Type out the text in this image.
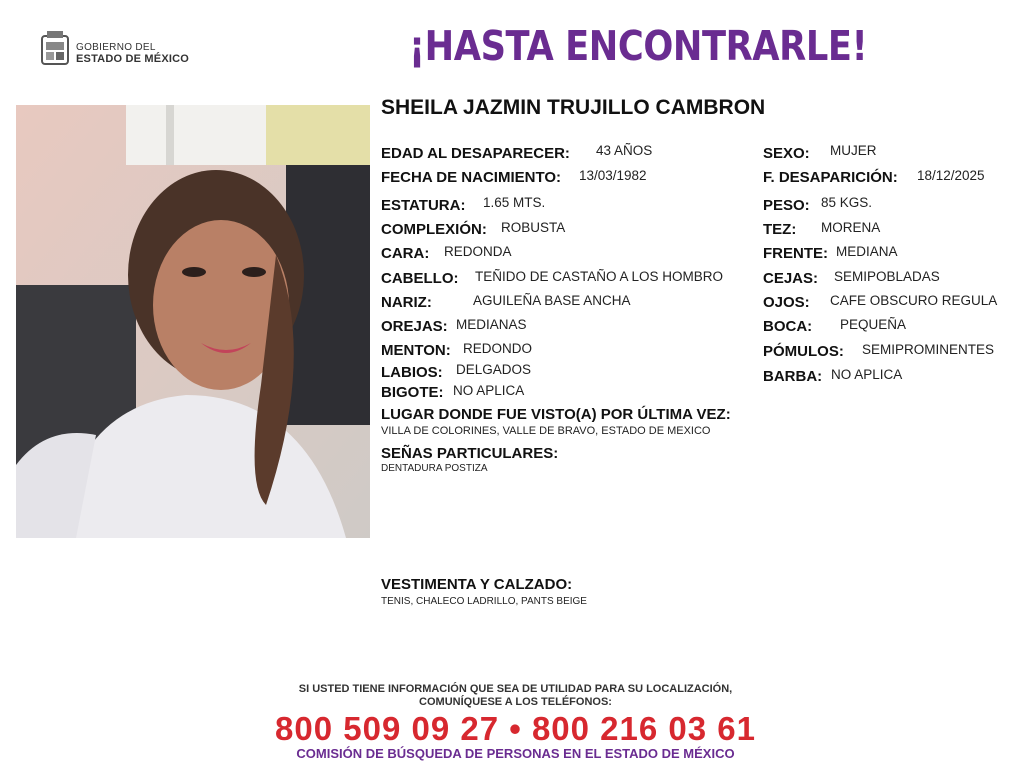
GOBIERNO DEL
ESTADO DE MÉXICO	¡HASTA ENCONTRARLE!
SHEILA JAZMIN TRUJILLO CAMBRON
EDAD AL DESAPARECER: 43 AÑOS
FECHA DE NACIMIENTO: 13/03/1982
ESTATURA: 1.65 MTS.
COMPLEXIÓN: ROBUSTA
CARA: REDONDA
CABELLO: TEÑIDO DE CASTAÑO A LOS HOMBRO
NARIZ:	AGUILEÑA BASE ANCHA
OREJAS: MEDIANAS
MENTON: REDONDO
LABIOS: DELGADOS
BIGOTE: NO APLICA
SEXO: MUJER
F. DESAPARICIÓN: 18/12/2025
PESO: 85 KGS.
TEZ: MORENA
FRENTE: MEDIANA
CEJAS: SEMIPOBLADAS
OJOS: CAFE OBSCURO REGULA
BOCA: PEQUEÑA
PÓMULOS: SEMIPROMINENTES
BARBA: NO APLICA
LUGAR DONDE FUE VISTO(A) POR ÚLTIMA VEZ:
VILLA DE COLORINES, VALLE DE BRAVO, ESTADO DE MEXICO
SEÑAS PARTICULARES:
DENTADURA POSTIZA
VESTIMENTA Y CALZADO:
TENIS, CHALECO LADRILLO, PANTS BEIGE
SI USTED TIENE INFORMACIÓN QUE SEA DE UTILIDAD PARA SU LOCALIZACIÓN,
COMUNÍQUESE A LOS TELÉFONOS:
800 509 09 27 • 800 216 03 61
COMISIÓN DE BÚSQUEDA DE PERSONAS EN EL ESTADO DE MÉXICO
